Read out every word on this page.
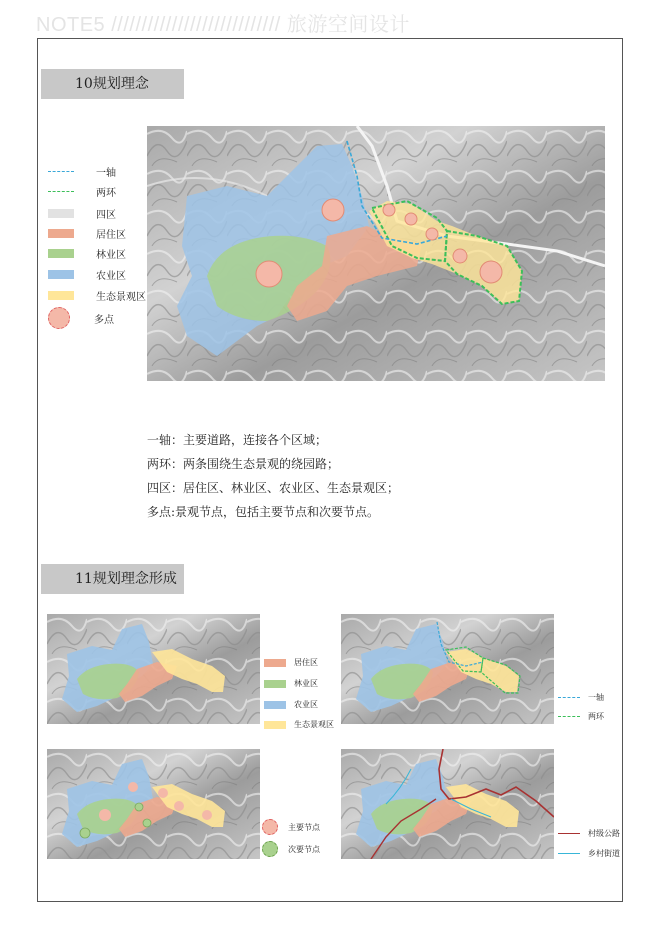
NOTE5 //////////////////////////// 旅游空间设计
10规划理念
一轴
两环
四区
居住区
林业区
农业区
生态景观区
多点
一轴：主要道路，连接各个区域；
两环：两条围绕生态景观的绕园路；
四区：居住区、林业区、农业区、生态景观区；
多点:景观节点，包括主要节点和次要节点。
11规划理念形成
居住区
林业区
农业区
生态景观区
一轴
两环
主要节点
次要节点
村级公路
乡村街道
